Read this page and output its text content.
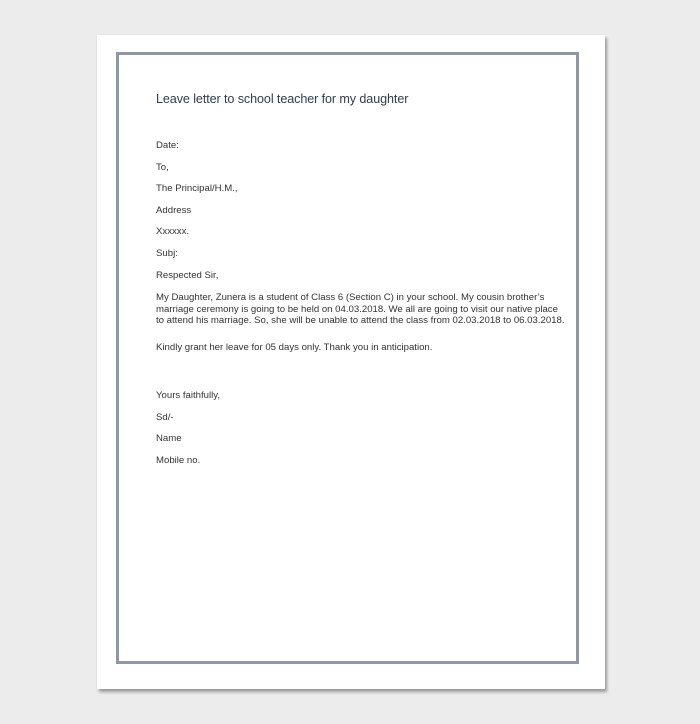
Leave letter to school teacher for my daughter
Date:
To,
The Principal/H.M.,
Address
Xxxxxx.
Subj:
Respected Sir,
My Daughter, Zunera is a student of Class 6 (Section C) in your school. My cousin brother’s
marriage ceremony is going to be held on 04.03.2018. We all are going to visit our native place
to attend his marriage. So, she will be unable to attend the class from 02.03.2018 to 06.03.2018.
Kindly grant her leave for 05 days only. Thank you in anticipation.
Yours faithfully,
Sd/-
Name
Mobile no.
